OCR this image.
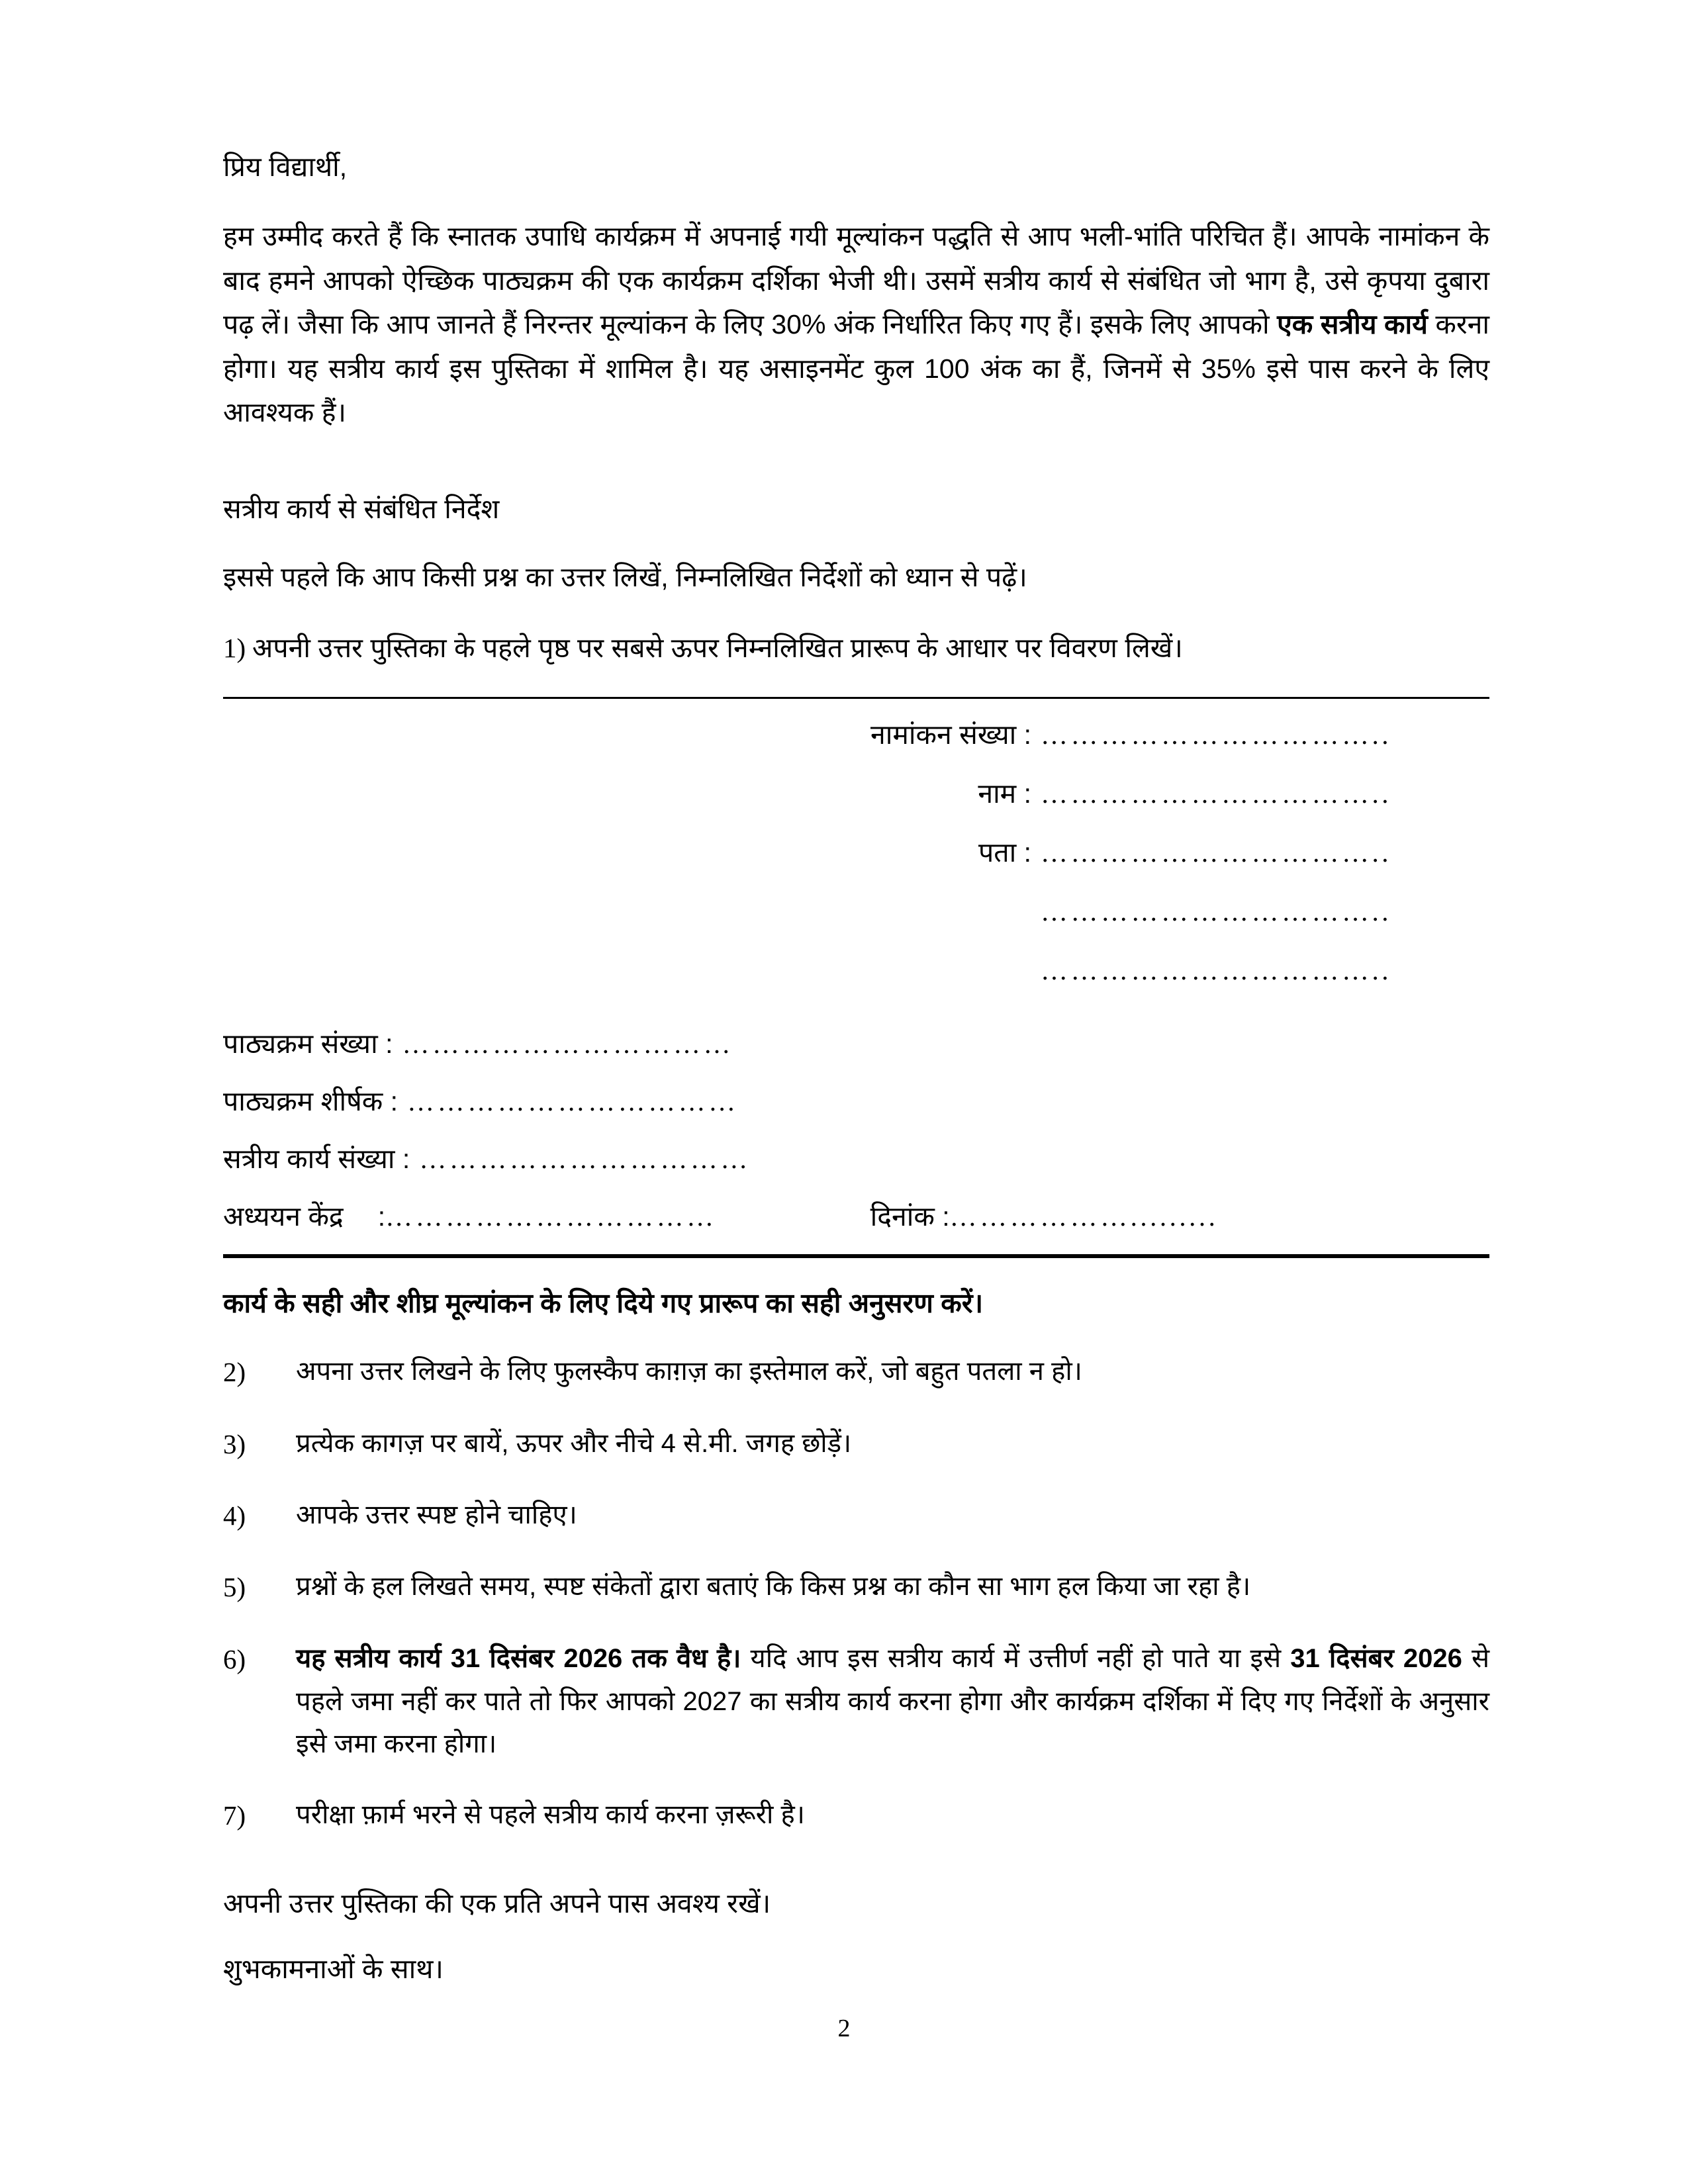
प्रिय विद्यार्थी,

हम उम्मीद करते हैं कि स्नातक उपाधि कार्यक्रम में अपनाई गयी मूल्यांकन पद्धति से आप भली-भांति परिचित हैं। आपके नामांकन के बाद हमने आपको ऐच्छिक पाठ्यक्रम की एक कार्यक्रम दर्शिका भेजी थी। उसमें सत्रीय कार्य से संबंधित जो भाग है, उसे कृपया दुबारा पढ़ लें। जैसा कि आप जानते हैं निरन्तर मूल्यांकन के लिए 30% अंक निर्धारित किए गए हैं। इसके लिए आपको एक सत्रीय कार्य करना होगा। यह सत्रीय कार्य इस पुस्तिका में शामिल है। यह असाइनमेंट कुल 100 अंक का हैं, जिनमें से 35% इसे पास करने के लिए आवश्यक हैं।

सत्रीय कार्य से संबंधित निर्देश

इससे पहले कि आप किसी प्रश्न का उत्तर लिखें, निम्नलिखित निर्देशों को ध्यान से पढ़ें।

1) अपनी उत्तर पुस्तिका के पहले पृष्ठ पर सबसे ऊपर निम्नलिखित प्रारूप के आधार पर विवरण लिखें।

नामांकन संख्या : ……………………………..
नाम : ……………………………..
पता : ……………………………..
……………………………..
……………………………..
पाठ्यक्रम संख्या : ……………………………
पाठ्यक्रम शीर्षक : ……………………………
सत्रीय कार्य संख्या : ……………………………
अध्ययन केंद्र : ……………………………	दिनांक : ……………….........

कार्य के सही और शीघ्र मूल्यांकन के लिए दिये गए प्रारूप का सही अनुसरण करें।

2)	अपना उत्तर लिखने के लिए फुलस्कैप काग़ज़ का इस्तेमाल करें, जो बहुत पतला न हो।
3)	प्रत्येक कागज़ पर बायें, ऊपर और नीचे 4 से.मी. जगह छोड़ें।
4)	आपके उत्तर स्पष्ट होने चाहिए।
5)	प्रश्नों के हल लिखते समय, स्पष्ट संकेतों द्वारा बताएं कि किस प्रश्न का कौन सा भाग हल किया जा रहा है।
6)	यह सत्रीय कार्य 31 दिसंबर 2026 तक वैध है। यदि आप इस सत्रीय कार्य में उत्तीर्ण नहीं हो पाते या इसे 31 दिसंबर 2026 से पहले जमा नहीं कर पाते तो फिर आपको 2027 का सत्रीय कार्य करना होगा और कार्यक्रम दर्शिका में दिए गए निर्देशों के अनुसार इसे जमा करना होगा।
7)	परीक्षा फ़ार्म भरने से पहले सत्रीय कार्य करना ज़रूरी है।

अपनी उत्तर पुस्तिका की एक प्रति अपने पास अवश्य रखें।

शुभकामनाओं के साथ।

2
